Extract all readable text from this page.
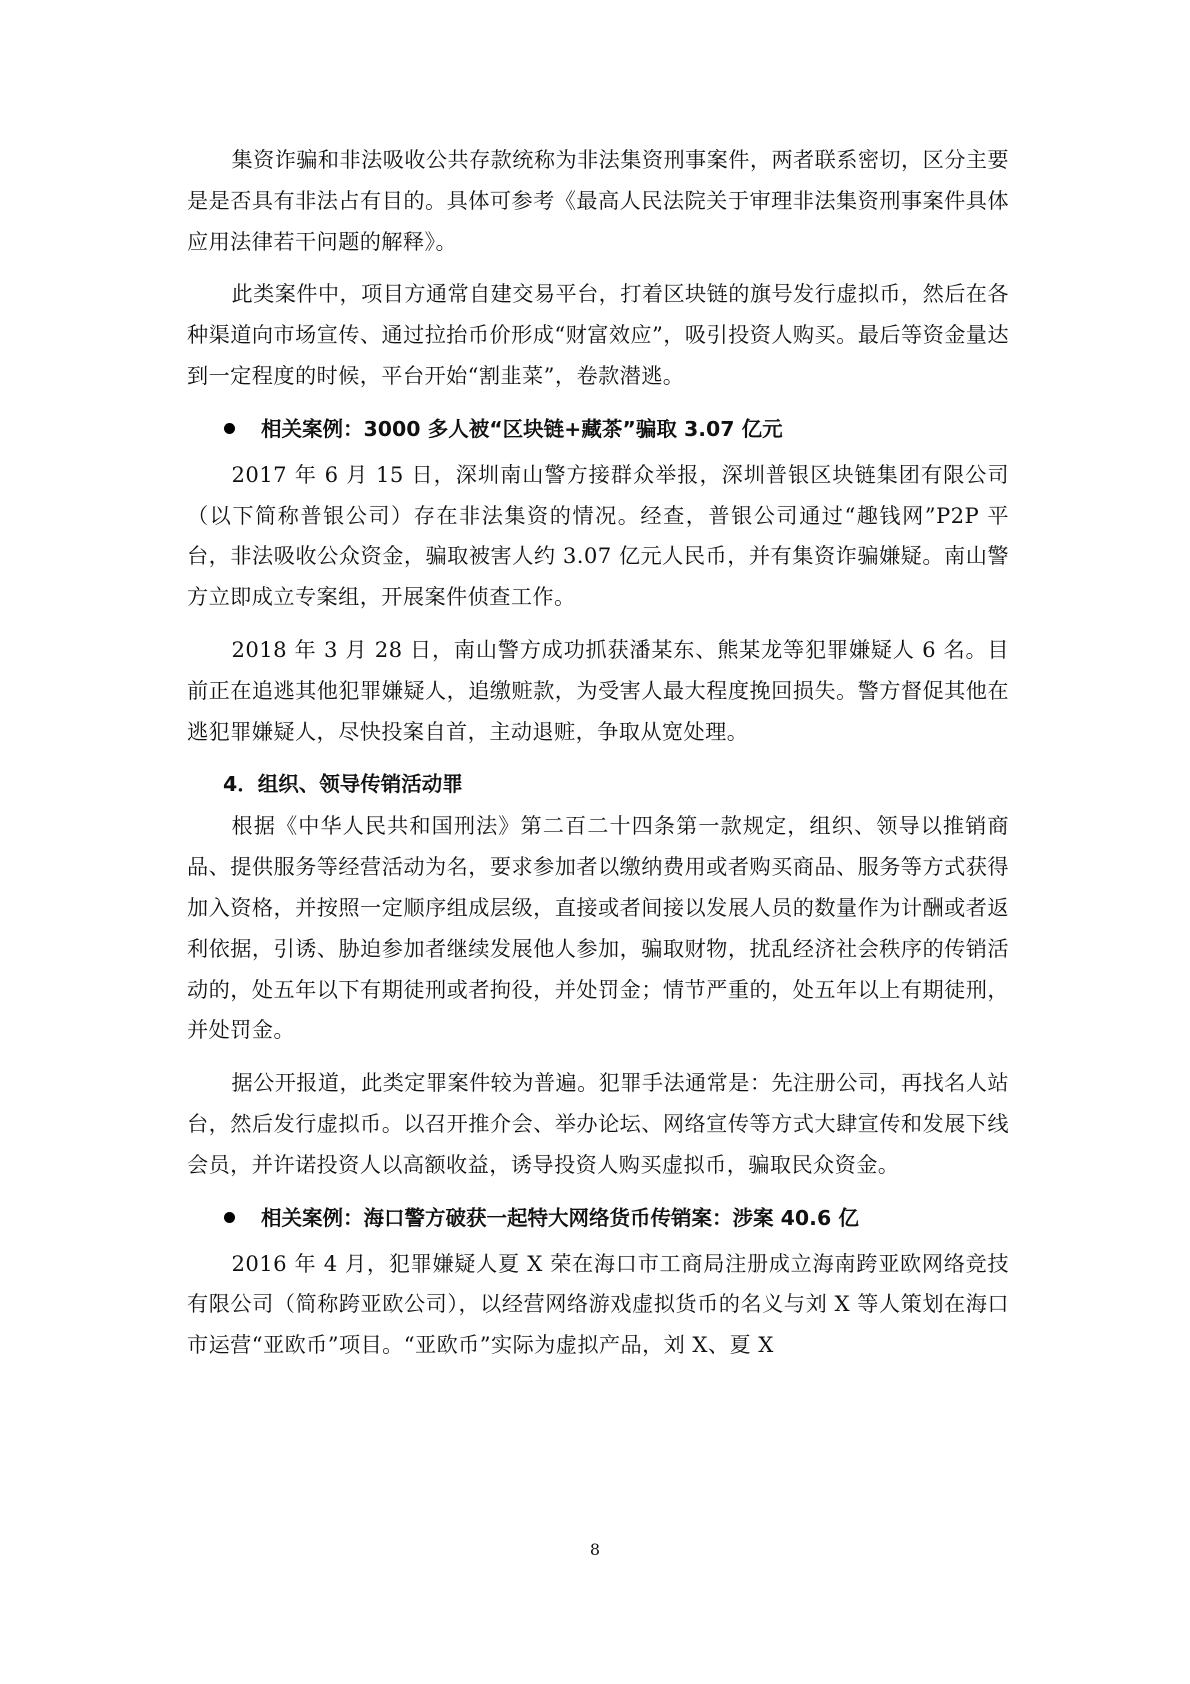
集资诈骗和非法吸收公共存款统称为非法集资刑事案件，两者联系密切，区分主要是是否具有非法占有目的。具体可参考《最高人民法院关于审理非法集资刑事案件具体应用法律若干问题的解释》。

此类案件中，项目方通常自建交易平台，打着区块链的旗号发行虚拟币，然后在各种渠道向市场宣传、通过拉抬币价形成“财富效应”，吸引投资人购买。最后等资金量达到一定程度的时候，平台开始“割韭菜”，卷款潜逃。

相关案例：3000 多人被“区块链+藏茶”骗取 3.07 亿元

2017 年 6 月 15 日，深圳南山警方接群众举报，深圳普银区块链集团有限公司（以下简称普银公司）存在非法集资的情况。经查，普银公司通过“趣钱网”P2P 平台，非法吸收公众资金，骗取被害人约 3.07 亿元人民币，并有集资诈骗嫌疑。南山警方立即成立专案组，开展案件侦查工作。

2018 年 3 月 28 日，南山警方成功抓获潘某东、熊某龙等犯罪嫌疑人 6 名。目前正在追逃其他犯罪嫌疑人，追缴赃款，为受害人最大程度挽回损失。警方督促其他在逃犯罪嫌疑人，尽快投案自首，主动退赃，争取从宽处理。

4．组织、领导传销活动罪

根据《中华人民共和国刑法》第二百二十四条第一款规定，组织、领导以推销商品、提供服务等经营活动为名，要求参加者以缴纳费用或者购买商品、服务等方式获得加入资格，并按照一定顺序组成层级，直接或者间接以发展人员的数量作为计酬或者返利依据，引诱、胁迫参加者继续发展他人参加，骗取财物，扰乱经济社会秩序的传销活动的，处五年以下有期徒刑或者拘役，并处罚金；情节严重的，处五年以上有期徒刑，并处罚金。

据公开报道，此类定罪案件较为普遍。犯罪手法通常是：先注册公司，再找名人站台，然后发行虚拟币。以召开推介会、举办论坛、网络宣传等方式大肆宣传和发展下线会员，并许诺投资人以高额收益，诱导投资人购买虚拟币，骗取民众资金。

相关案例：海口警方破获一起特大网络货币传销案：涉案 40.6 亿

2016 年 4 月，犯罪嫌疑人夏 X 荣在海口市工商局注册成立海南跨亚欧网络竞技有限公司（简称跨亚欧公司），以经营网络游戏虚拟货币的名义与刘 X 等人策划在海口市运营“亚欧币”项目。“亚欧币”实际为虚拟产品，刘 X、夏 X

8
